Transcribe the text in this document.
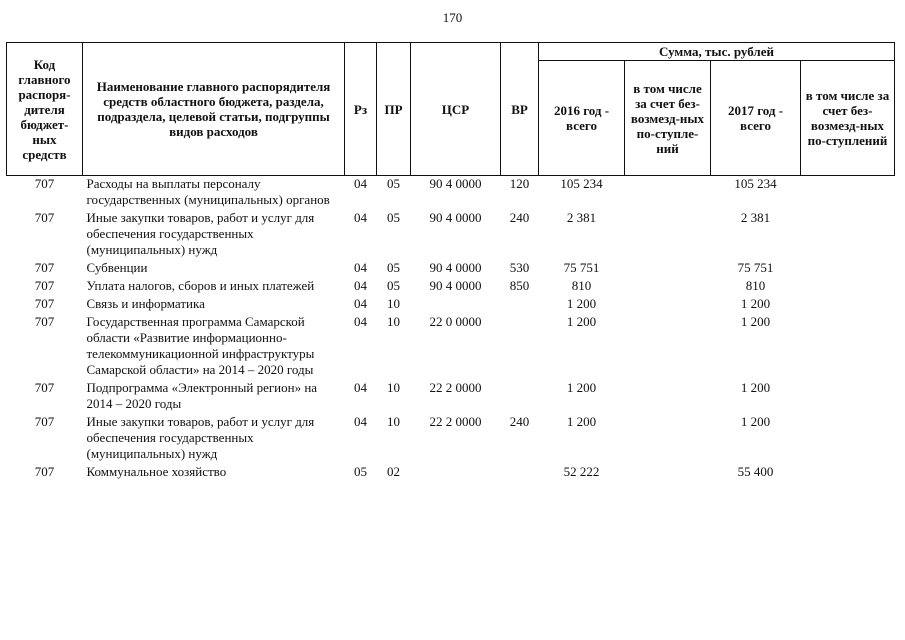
170
Код главного распоря-дителя бюджет-ных средств	Наименование главного распорядителя средств областного бюджета, раздела, подраздела, целевой статьи, подгруппы видов расходов	Рз	ПР	ЦСР	ВР	Сумма, тыс. рублей			
						2016 год - всего	в том числе за счет без-возмезд-ных по-ступле-ний	2017 год - всего	в том числе за счет без-возмезд-ных по-ступлений
707	Расходы на выплаты персоналу государственных (муниципальных) органов	04	05	90 4 0000	120	105 234		105 234	
707	Иные закупки товаров, работ и услуг для обеспечения государственных (муниципальных) нужд	04	05	90 4 0000	240	2 381		2 381	
707	Субвенции	04	05	90 4 0000	530	75 751		75 751	
707	Уплата налогов, сборов и иных платежей	04	05	90 4 0000	850	810		810	
707	Связь и информатика	04	10			1 200		1 200	
707	Государственная программа Самарской области «Развитие информационно-телекоммуникационной инфраструктуры Самарской области» на 2014 – 2020 годы	04	10	22 0 0000		1 200		1 200	
707	Подпрограмма «Электронный регион» на 2014 – 2020 годы	04	10	22 2 0000		1 200		1 200	
707	Иные закупки товаров, работ и услуг для обеспечения государственных (муниципальных) нужд	04	10	22 2 0000	240	1 200		1 200	
707	Коммунальное хозяйство	05	02			52 222		55 400	
